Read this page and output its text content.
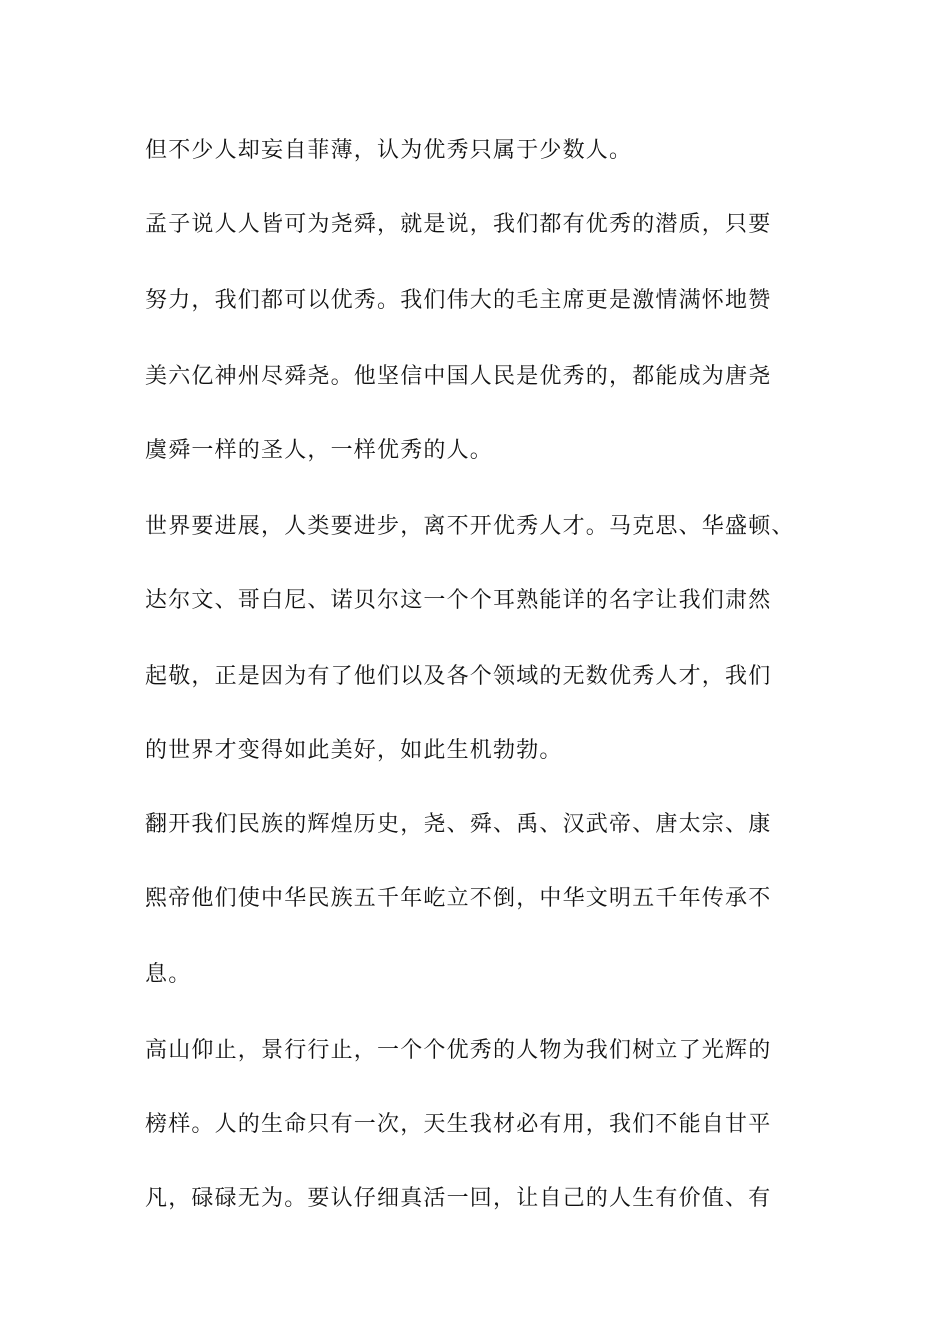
但不少人却妄自菲薄，认为优秀只属于少数人。
孟子说人人皆可为尧舜，就是说，我们都有优秀的潜质，只要
努力，我们都可以优秀。我们伟大的毛主席更是激情满怀地赞
美六亿神州尽舜尧。他坚信中国人民是优秀的，都能成为唐尧
虞舜一样的圣人，一样优秀的人。
世界要进展，人类要进步，离不开优秀人才。马克思、华盛顿、
达尔文、哥白尼、诺贝尔这一个个耳熟能详的名字让我们肃然
起敬，正是因为有了他们以及各个领域的无数优秀人才，我们
的世界才变得如此美好，如此生机勃勃。
翻开我们民族的辉煌历史，尧、舜、禹、汉武帝、唐太宗、康
熙帝他们使中华民族五千年屹立不倒，中华文明五千年传承不
息。
高山仰止，景行行止，一个个优秀的人物为我们树立了光辉的
榜样。人的生命只有一次，天生我材必有用，我们不能自甘平
凡，碌碌无为。要认仔细真活一回，让自己的人生有价值、有
